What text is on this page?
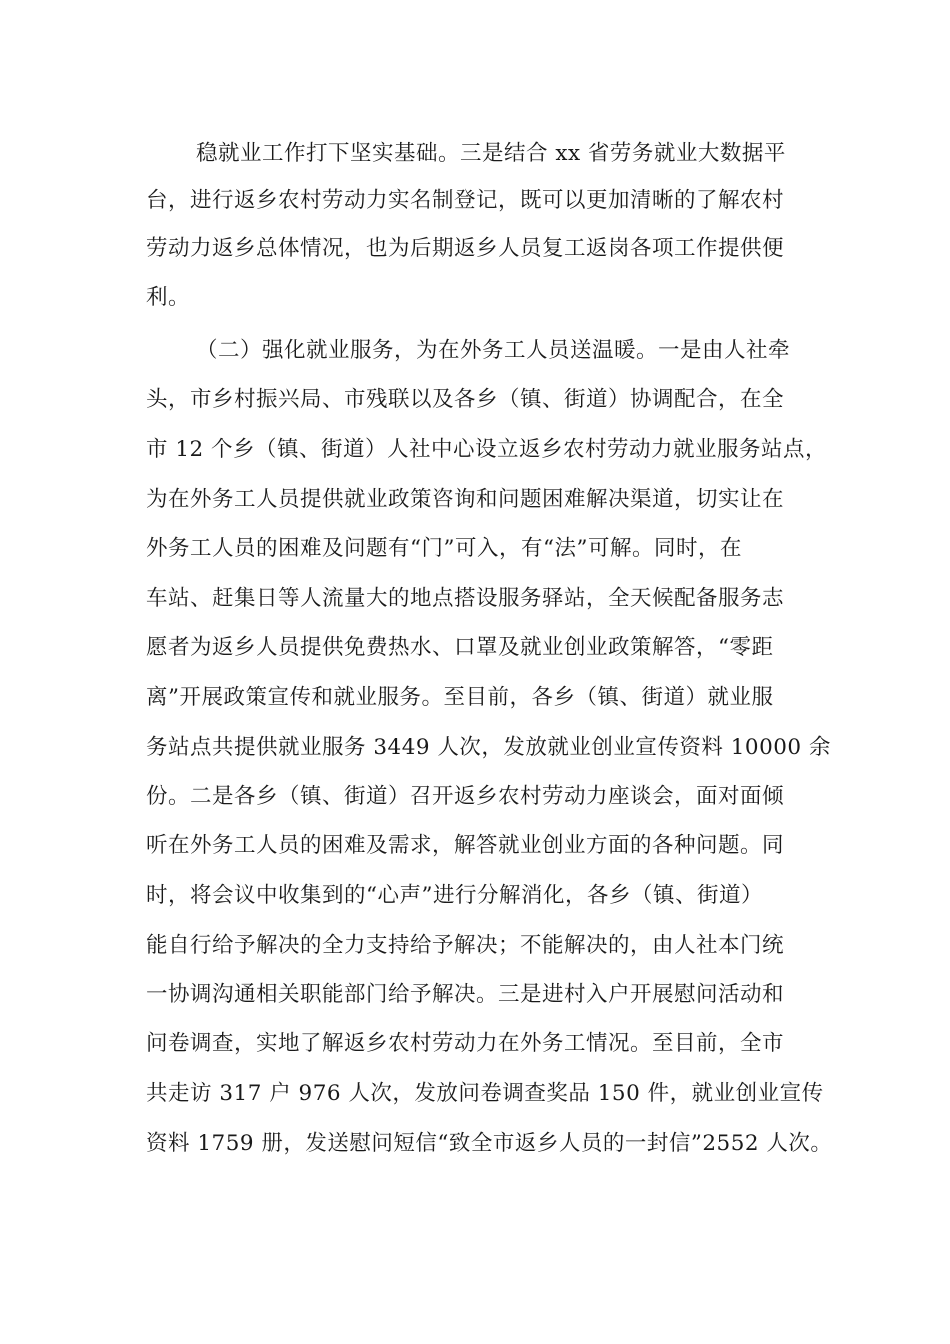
稳就业工作打下坚实基础。三是结合 xx 省劳务就业大数据平
台，进行返乡农村劳动力实名制登记，既可以更加清晰的了解农村
劳动力返乡总体情况，也为后期返乡人员复工返岗各项工作提供便
利。
（二）强化就业服务，为在外务工人员送温暖。一是由人社牵
头，市乡村振兴局、市残联以及各乡（镇、街道）协调配合，在全
市 12 个乡（镇、街道）人社中心设立返乡农村劳动力就业服务站点，
为在外务工人员提供就业政策咨询和问题困难解决渠道，切实让在
外务工人员的困难及问题有“门”可入，有“法”可解。同时，在
车站、赶集日等人流量大的地点搭设服务驿站，全天候配备服务志
愿者为返乡人员提供免费热水、口罩及就业创业政策解答，“零距
离”开展政策宣传和就业服务。至目前，各乡（镇、街道）就业服
务站点共提供就业服务 3449 人次，发放就业创业宣传资料 10000 余
份。二是各乡（镇、街道）召开返乡农村劳动力座谈会，面对面倾
听在外务工人员的困难及需求，解答就业创业方面的各种问题。同
时，将会议中收集到的“心声”进行分解消化，各乡（镇、街道）
能自行给予解决的全力支持给予解决；不能解决的，由人社本门统
一协调沟通相关职能部门给予解决。三是进村入户开展慰问活动和
问卷调查，实地了解返乡农村劳动力在外务工情况。至目前，全市
共走访 317 户 976 人次，发放问卷调查奖品 150 件，就业创业宣传
资料 1759 册，发送慰问短信“致全市返乡人员的一封信”2552 人次。
